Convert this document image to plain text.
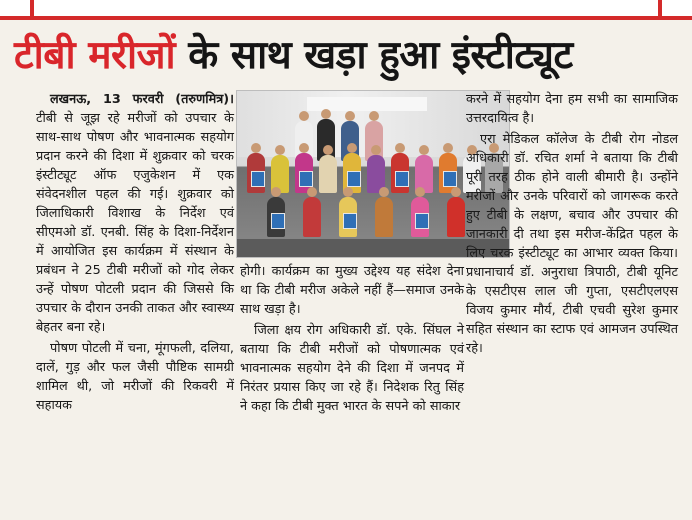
टीबी मरीजों के साथ खड़ा हुआ इंस्टीट्यूट

लखनऊ, 13 फरवरी (तरुणमित्र)। टीबी से जूझ रहे मरीजों को उपचार के साथ-साथ पोषण और भावनात्मक सहयोग प्रदान करने की दिशा में शुक्रवार को चरक इंस्टीट्यूट ऑफ एजुकेशन में एक संवेदनशील पहल की गई। शुक्रवार को जिलाधिकारी विशाख के निर्देश एवं सीएमओ डॉ. एनबी. सिंह के दिशा-निर्देशन में आयोजित इस कार्यक्रम में संस्थान के प्रबंधन ने 25 टीबी मरीजों को गोद लेकर उन्हें पोषण पोटली प्रदान की जिससे कि उपचार के दौरान उनकी ताकत और स्वास्थ्य बेहतर बना रहे।

पोषण पोटली में चना, मूंगफली, दलिया, दालें, गुड़ और फल जैसी पौष्टिक सामग्री शामिल थी, जो मरीजों की रिकवरी में सहायक

होगी। कार्यक्रम का मुख्य उद्देश्य यह संदेश देना था कि टीबी मरीज अकेले नहीं हैं—समाज उनके साथ खड़ा है।

जिला क्षय रोग अधिकारी डॉ. एके. सिंघल ने बताया कि टीबी मरीजों को पोषणात्मक एवं भावनात्मक सहयोग देने की दिशा में जनपद में निरंतर प्रयास किए जा रहे हैं। निदेशक रितु सिंह ने कहा कि टीबी मुक्त भारत के सपने को साकार

करने में सहयोग देना हम सभी का सामाजिक उत्तरदायित्व है।

एरा मेडिकल कॉलेज के टीबी रोग नोडल अधिकारी डॉ. रचित शर्मा ने बताया कि टीबी पूरी तरह ठीक होने वाली बीमारी है। उन्होंने मरीजों और उनके परिवारों को जागरूक करते हुए टीबी के लक्षण, बचाव और उपचार की जानकारी दी तथा इस मरीज-केंद्रित पहल के लिए चरक इंस्टीट्यूट का आभार व्यक्त किया। प्रधानाचार्य डॉ. अनुराधा त्रिपाठी, टीबी यूनिट के एसटीएस लाल जी गुप्ता, एसटीएलएस विजय कुमार मौर्य, टीबी एचवी सुरेश कुमार सहित संस्थान का स्टाफ एवं आमजन उपस्थित रहे।
